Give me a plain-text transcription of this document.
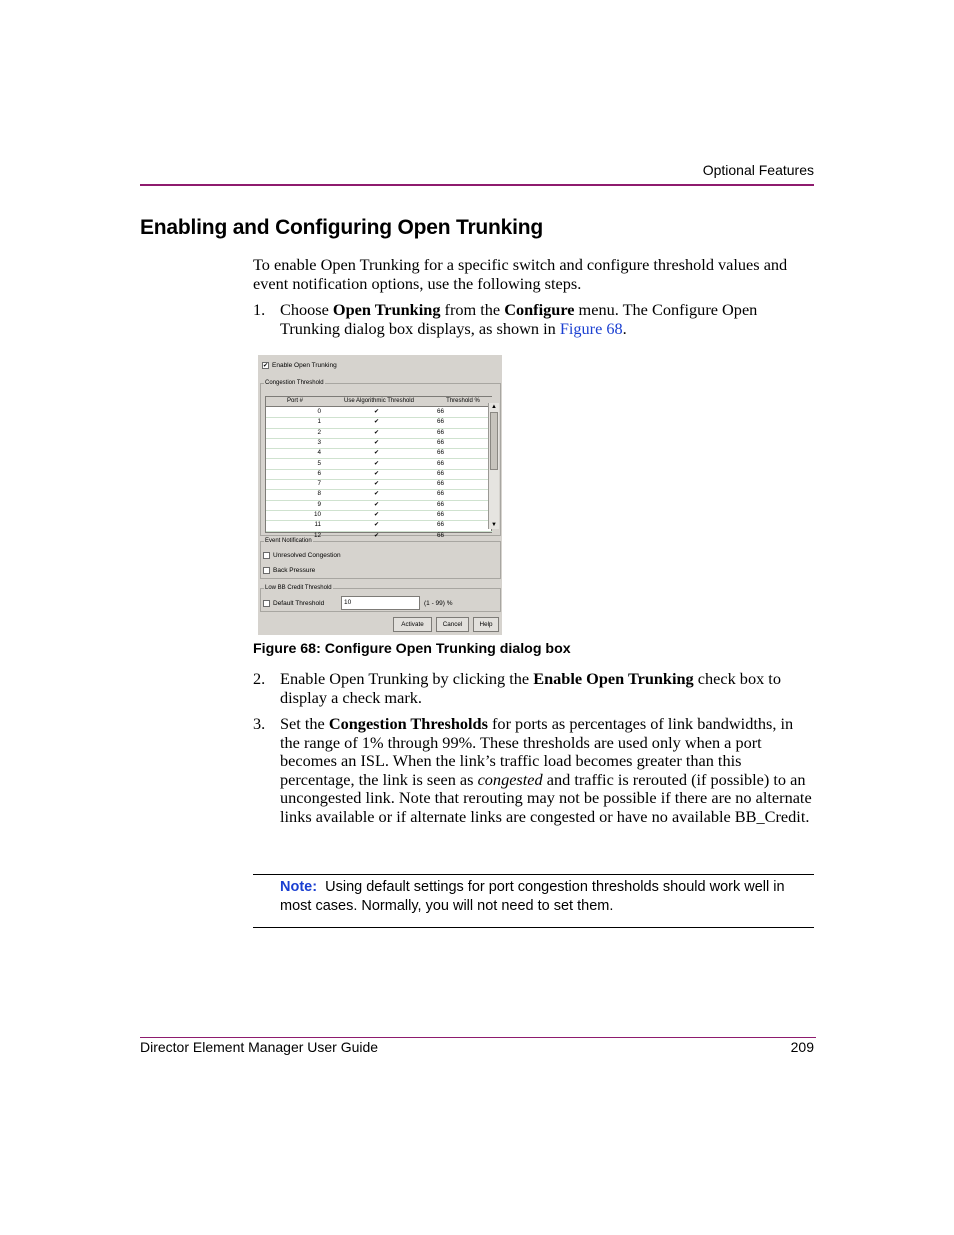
Optional Features
Enabling and Configuring Open Trunking
To enable Open Trunking for a specific switch and configure threshold values and event notification options, use the following steps.
1. Choose Open Trunking from the Configure menu. The Configure Open Trunking dialog box displays, as shown in Figure 68.
✔ Enable Open Trunking
Congestion Threshold
Port #	Use Algorithmic Threshold	Threshold %
0	✔	66
1	✔	66
2	✔	66
3	✔	66
4	✔	66
5	✔	66
6	✔	66
7	✔	66
8	✔	66
9	✔	66
10	✔	66
11	✔	66
12	✔	66
▲
▼
Event Notification
Unresolved Congestion
Back Pressure
Low BB Credit Threshold
Default Threshold	10	(1 - 99) %
Activate	Cancel	Help
Figure 68: Configure Open Trunking dialog box
2. Enable Open Trunking by clicking the Enable Open Trunking check box to display a check mark.
3. Set the Congestion Thresholds for ports as percentages of link bandwidths, in the range of 1% through 99%. These thresholds are used only when a port becomes an ISL. When the link’s traffic load becomes greater than this percentage, the link is seen as congested and traffic is rerouted (if possible) to an uncongested link. Note that rerouting may not be possible if there are no alternate links available or if alternate links are congested or have no available BB_Credit.
Note: Using default settings for port congestion thresholds should work well in most cases. Normally, you will not need to set them.
Director Element Manager User Guide	209
